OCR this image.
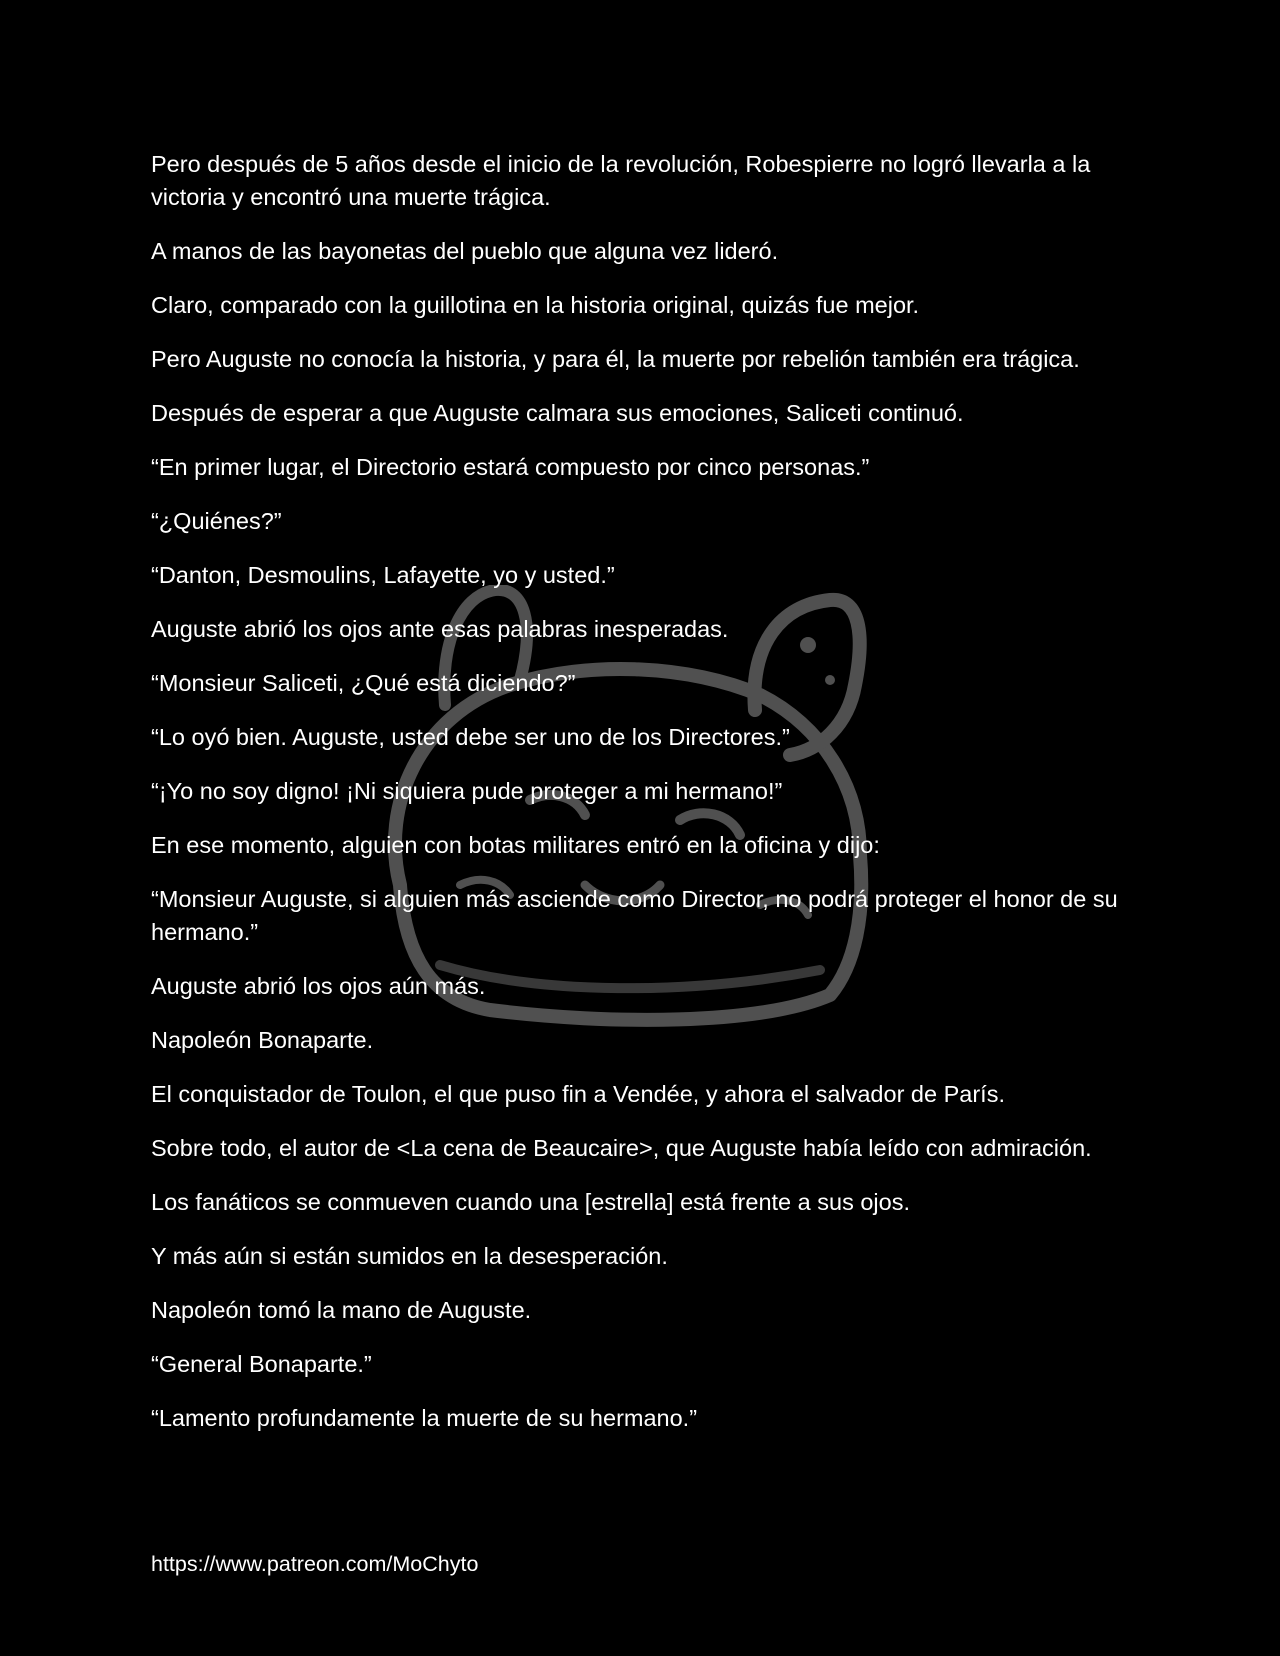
Pero después de 5 años desde el inicio de la revolución, Robespierre no logró llevarla a la victoria y encontró una muerte trágica.

A manos de las bayonetas del pueblo que alguna vez lideró.

Claro, comparado con la guillotina en la historia original, quizás fue mejor.

Pero Auguste no conocía la historia, y para él, la muerte por rebelión también era trágica.

Después de esperar a que Auguste calmara sus emociones, Saliceti continuó.

“En primer lugar, el Directorio estará compuesto por cinco personas.”

“¿Quiénes?”

“Danton, Desmoulins, Lafayette, yo y usted.”

Auguste abrió los ojos ante esas palabras inesperadas.

“Monsieur Saliceti, ¿Qué está diciendo?”

“Lo oyó bien. Auguste, usted debe ser uno de los Directores.”

“¡Yo no soy digno! ¡Ni siquiera pude proteger a mi hermano!”

En ese momento, alguien con botas militares entró en la oficina y dijo:

“Monsieur Auguste, si alguien más asciende como Director, no podrá proteger el honor de su hermano.”

Auguste abrió los ojos aún más.

Napoleón Bonaparte.

El conquistador de Toulon, el que puso fin a Vendée, y ahora el salvador de París.

Sobre todo, el autor de <La cena de Beaucaire>, que Auguste había leído con admiración.

Los fanáticos se conmueven cuando una [estrella] está frente a sus ojos.

Y más aún si están sumidos en la desesperación.

Napoleón tomó la mano de Auguste.

“General Bonaparte.”

“Lamento profundamente la muerte de su hermano.”

https://www.patreon.com/MoChyto
